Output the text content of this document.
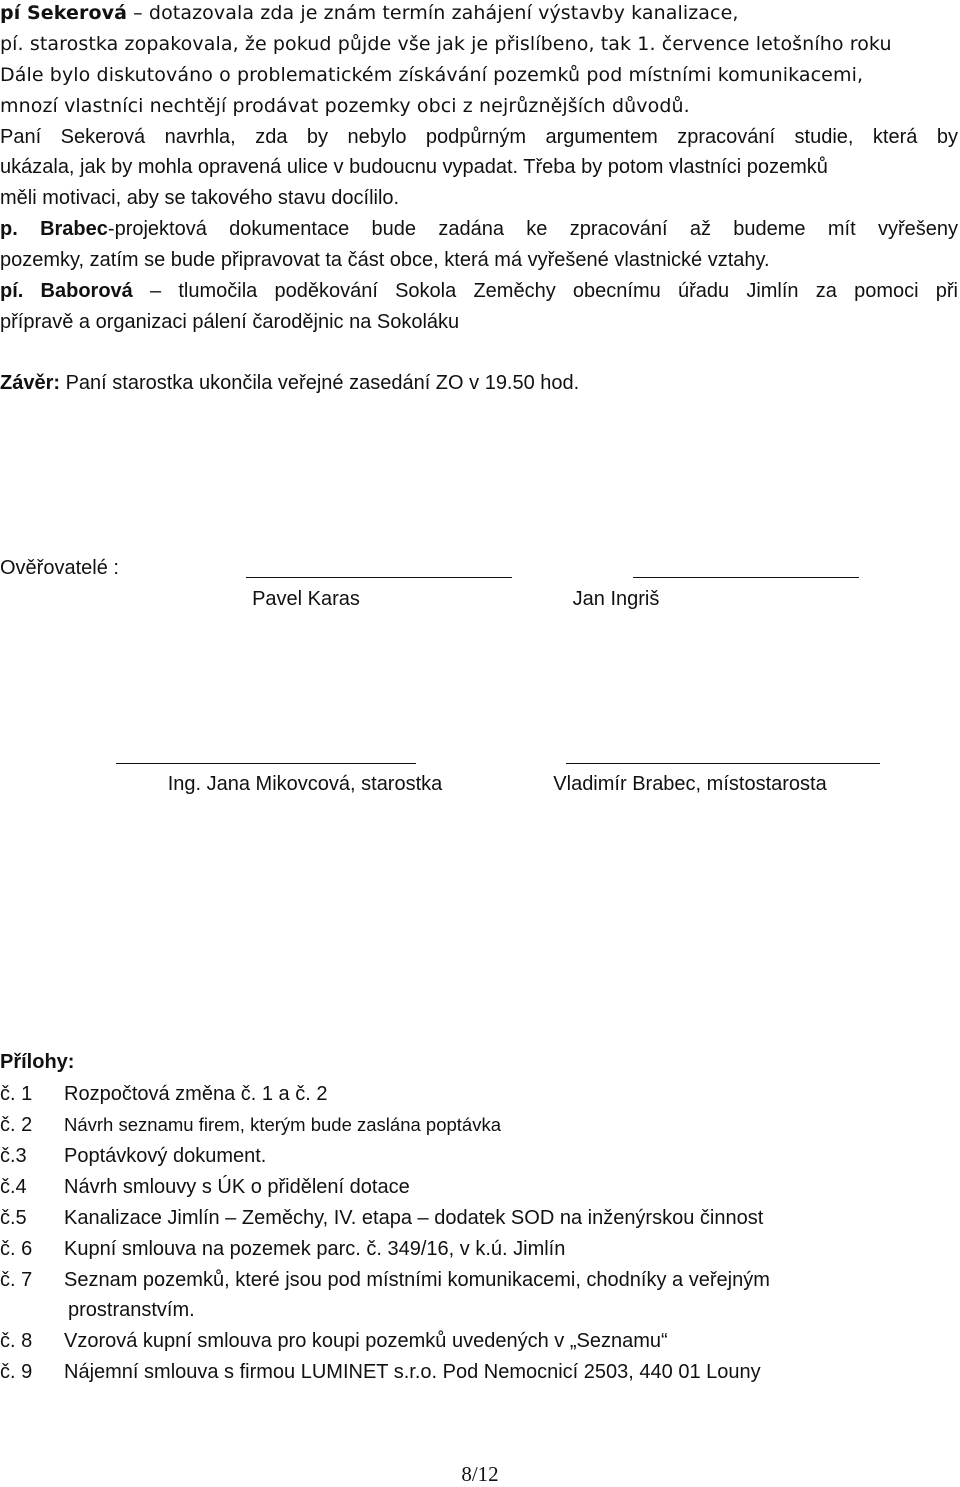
pí Sekerová – dotazovala zda je znám termín zahájení výstavby kanalizace,
pí. starostka zopakovala, že pokud půjde vše jak je přislíbeno, tak 1. července letošního roku
Dále bylo diskutováno o problematickém získávání pozemků pod místními komunikacemi,
mnozí vlastníci nechtějí prodávat pozemky obci z nejrůznějších důvodů.
Paní Sekerová navrhla, zda by nebylo podpůrným argumentem zpracování studie, která by
ukázala, jak by mohla opravená ulice v budoucnu vypadat. Třeba by potom vlastníci pozemků
měli motivaci, aby se takového stavu docílilo.
p. Brabec-projektová dokumentace bude zadána ke zpracování až budeme mít vyřešeny
pozemky, zatím se bude připravovat ta část obce, která má vyřešené vlastnické vztahy.
pí. Baborová – tlumočila poděkování Sokola Zeměchy obecnímu úřadu Jimlín za pomoci při
přípravě a organizaci pálení čarodějnic na Sokoláku
Závěr: Paní starostka ukončila veřejné zasedání ZO v 19.50 hod.
Ověřovatelé :
Pavel Karas	Jan Ingriš
Ing. Jana Mikovcová, starostka	Vladimír Brabec, místostarosta
Přílohy:
č. 1 Rozpočtová změna č. 1 a č. 2
č. 2 Návrh seznamu firem, kterým bude zaslána poptávka
č.3 Poptávkový dokument.
č.4 Návrh smlouvy s ÚK o přidělení dotace
č.5 Kanalizace Jimlín – Zeměchy, IV. etapa – dodatek SOD na inženýrskou činnost
č. 6 Kupní smlouva na pozemek parc. č. 349/16, v k.ú. Jimlín
č. 7 Seznam pozemků, které jsou pod místními komunikacemi, chodníky a veřejným
prostranstvím.
č. 8 Vzorová kupní smlouva pro koupi pozemků uvedených v „Seznamu“
č. 9 Nájemní smlouva s firmou LUMINET s.r.o. Pod Nemocnicí 2503, 440 01 Louny
8/12
